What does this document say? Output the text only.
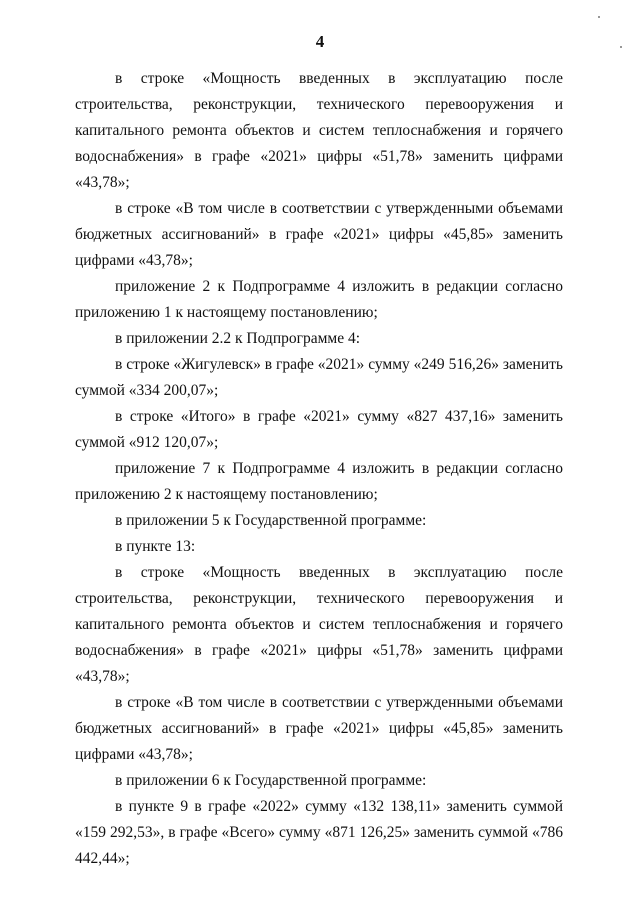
4

в строке «Мощность введенных в эксплуатацию после строительства, реконструкции, технического перевооружения и капитального ремонта объектов и систем теплоснабжения и горячего водоснабжения» в графе «2021» цифры «51,78» заменить цифрами «43,78»;

в строке «В том числе в соответствии с утвержденными объемами бюджетных ассигнований» в графе «2021» цифры «45,85» заменить цифрами «43,78»;

приложение 2 к Подпрограмме 4 изложить в редакции согласно приложению 1 к настоящему постановлению;

в приложении 2.2 к Подпрограмме 4:

в строке «Жигулевск» в графе «2021» сумму «249 516,26» заменить суммой «334 200,07»;

в строке «Итого» в графе «2021» сумму «827 437,16» заменить суммой «912 120,07»;

приложение 7 к Подпрограмме 4 изложить в редакции согласно приложению 2 к настоящему постановлению;

в приложении 5 к Государственной программе:

в пункте 13:

в строке «Мощность введенных в эксплуатацию после строительства, реконструкции, технического перевооружения и капитального ремонта объектов и систем теплоснабжения и горячего водоснабжения» в графе «2021» цифры «51,78» заменить цифрами «43,78»;

в строке «В том числе в соответствии с утвержденными объемами бюджетных ассигнований» в графе «2021» цифры «45,85» заменить цифрами «43,78»;

в приложении 6 к Государственной программе:

в пункте 9 в графе «2022» сумму «132 138,11» заменить суммой «159 292,53», в графе «Всего» сумму «871 126,25» заменить суммой «786 442,44»;
